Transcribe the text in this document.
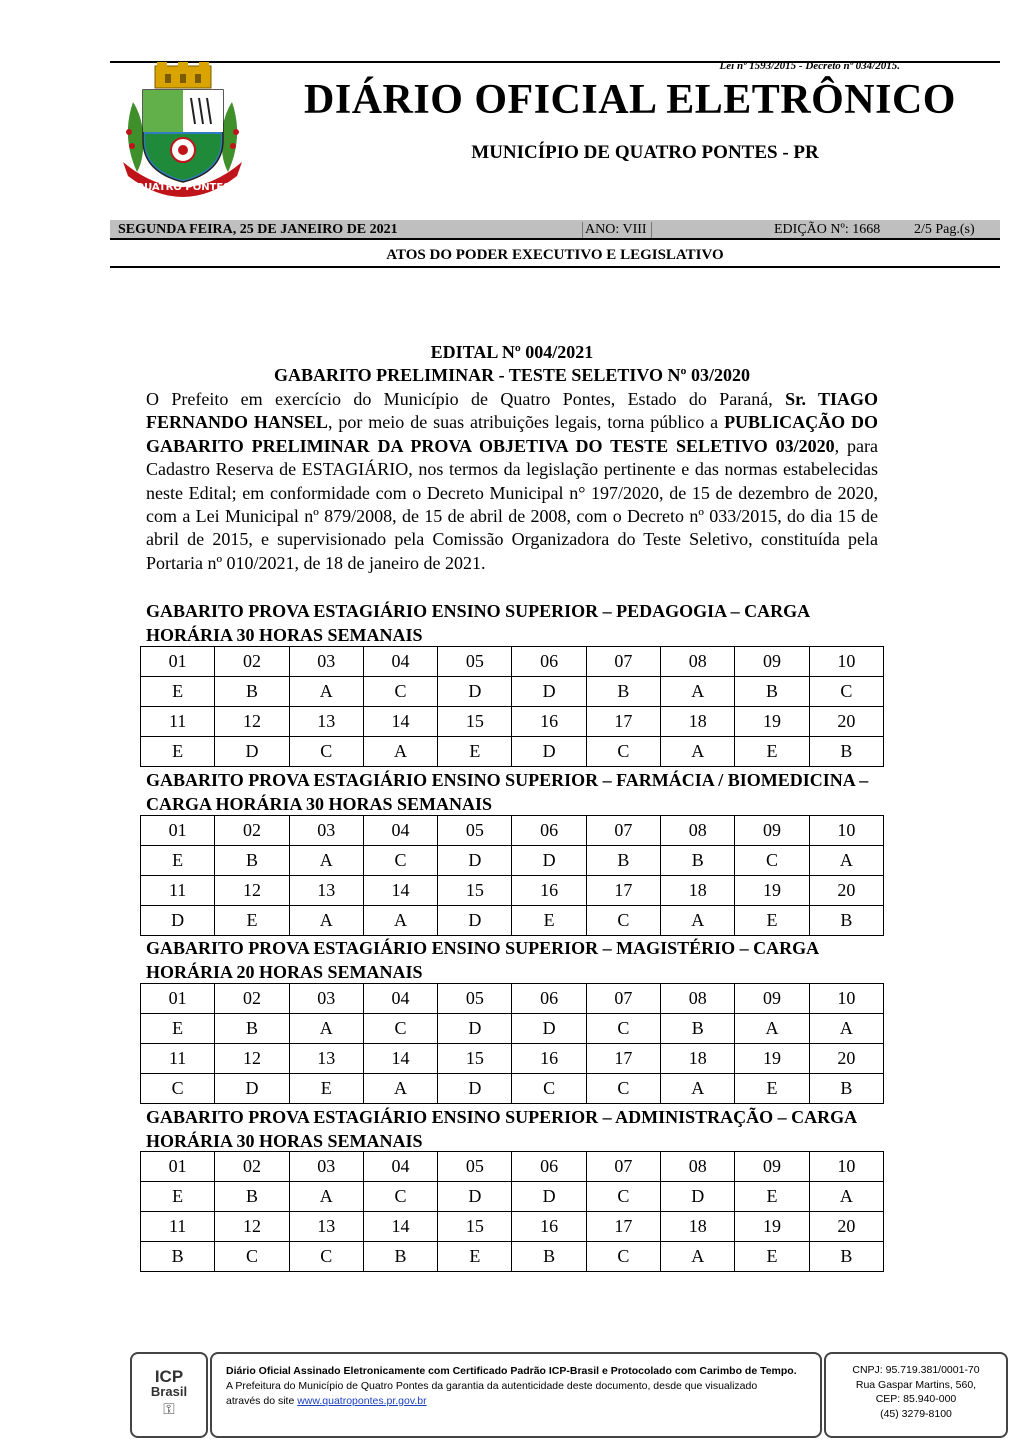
Lei nº 1593/2015 - Decreto nº 034/2015.
QUATRO PONTES
DIÁRIO OFICIAL ELETRÔNICO
MUNICÍPIO DE QUATRO PONTES - PR
SEGUNDA FEIRA, 25 DE JANEIRO DE 2021	ANO: VIII	EDIÇÃO Nº: 1668 2/5 Pag.(s)
ATOS DO PODER EXECUTIVO E LEGISLATIVO
EDITAL Nº 004/2021
GABARITO PRELIMINAR - TESTE SELETIVO Nº 03/2020
O Prefeito em exercício do Município de Quatro Pontes, Estado do Paraná, Sr. TIAGO FERNANDO HANSEL, por meio de suas atribuições legais, torna público a PUBLICAÇÃO DO GABARITO PRELIMINAR DA PROVA OBJETIVA DO TESTE SELETIVO 03/2020, para Cadastro Reserva de ESTAGIÁRIO, nos termos da legislação pertinente e das normas estabelecidas neste Edital; em conformidade com o Decreto Municipal n° 197/2020, de 15 de dezembro de 2020, com a Lei Municipal nº 879/2008, de 15 de abril de 2008, com o Decreto nº 033/2015, do dia 15 de abril de 2015, e supervisionado pela Comissão Organizadora do Teste Seletivo, constituída pela Portaria nº 010/2021, de 18 de janeiro de 2021.
GABARITO PROVA ESTAGIÁRIO ENSINO SUPERIOR – PEDAGOGIA – CARGA HORÁRIA 30 HORAS SEMANAIS
01	02	03	04	05	06	07	08	09	10
E	B	A	C	D	D	B	A	B	C
11	12	13	14	15	16	17	18	19	20
E	D	C	A	E	D	C	A	E	B
GABARITO PROVA ESTAGIÁRIO ENSINO SUPERIOR – FARMÁCIA / BIOMEDICINA – CARGA HORÁRIA 30 HORAS SEMANAIS
01	02	03	04	05	06	07	08	09	10
E	B	A	C	D	D	B	B	C	A
11	12	13	14	15	16	17	18	19	20
D	E	A	A	D	E	C	A	E	B
GABARITO PROVA ESTAGIÁRIO ENSINO SUPERIOR – MAGISTÉRIO – CARGA HORÁRIA 20 HORAS SEMANAIS
01	02	03	04	05	06	07	08	09	10
E	B	A	C	D	D	C	B	A	A
11	12	13	14	15	16	17	18	19	20
C	D	E	A	D	C	C	A	E	B
GABARITO PROVA ESTAGIÁRIO ENSINO SUPERIOR – ADMINISTRAÇÃO – CARGA HORÁRIA 30 HORAS SEMANAIS
01	02	03	04	05	06	07	08	09	10
E	B	A	C	D	D	C	D	E	A
11	12	13	14	15	16	17	18	19	20
B	C	C	B	E	B	C	A	E	B
ICP
Brasil
⚿
Diário Oficial Assinado Eletronicamente com Certificado Padrão ICP-Brasil e Protocolado com Carimbo de Tempo.
A Prefeitura do Município de Quatro Pontes da garantia da autenticidade deste documento, desde que visualizado
através do site www.quatropontes.pr.gov.br
CNPJ: 95.719.381/0001-70
Rua Gaspar Martins, 560,
CEP: 85.940-000
(45) 3279-8100
